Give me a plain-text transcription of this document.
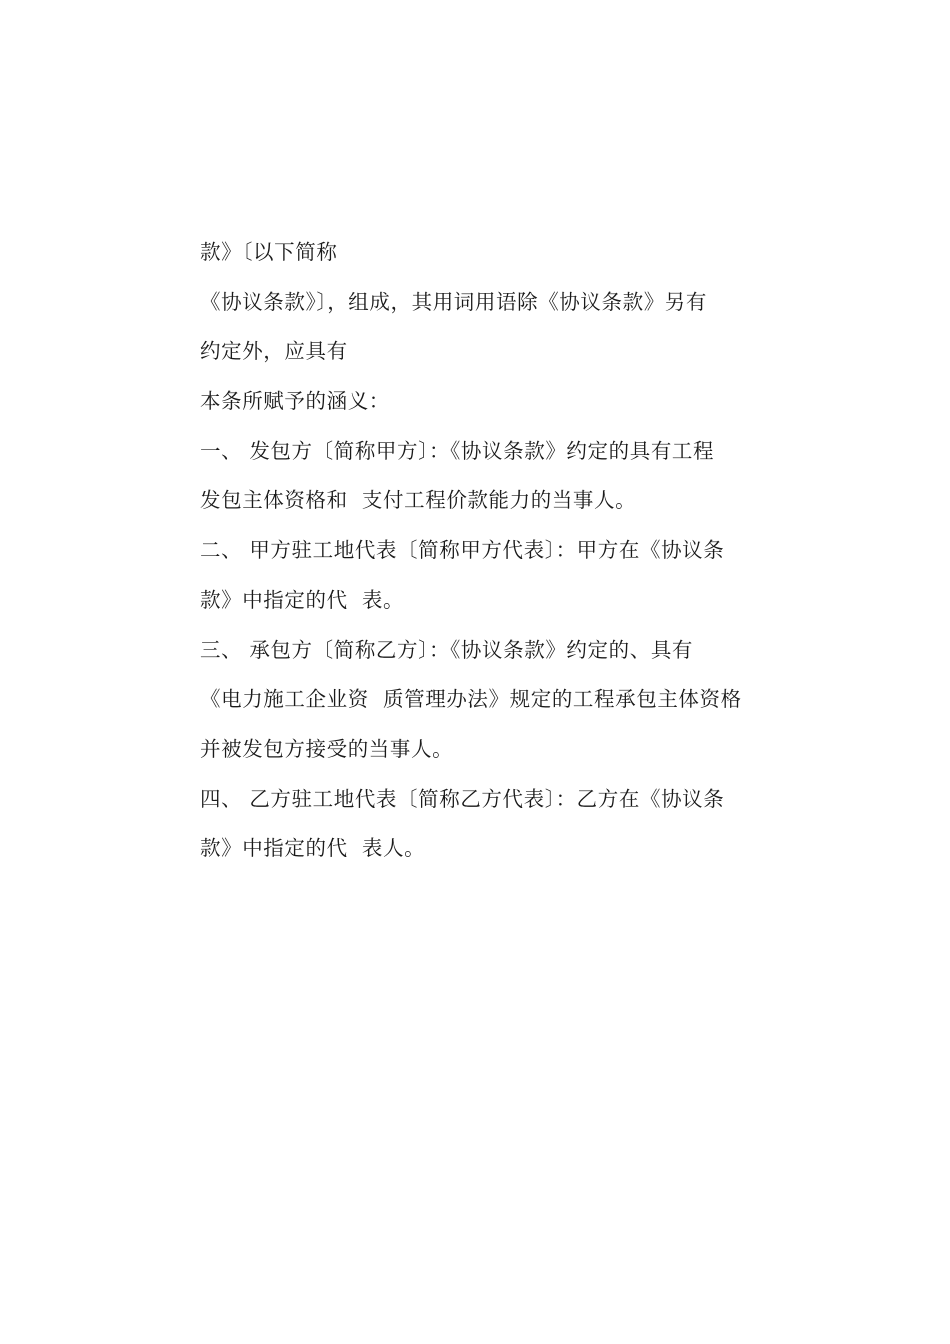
款》〔以下简称
《协议条款》〕，组成，其用词用语除《协议条款》另有
约定外，应具有
本条所赋予的涵义：
一、 发包方〔简称甲方〕：《协议条款》约定的具有工程
发包主体资格和  支付工程价款能力的当事人。
二、 甲方驻工地代表〔简称甲方代表〕：甲方在《协议条
款》中指定的代  表。
三、 承包方〔简称乙方〕：《协议条款》约定的、具有
《电力施工企业资  质管理办法》规定的工程承包主体资格
并被发包方接受的当事人。
四、 乙方驻工地代表〔简称乙方代表〕：乙方在《协议条
款》中指定的代  表人。
